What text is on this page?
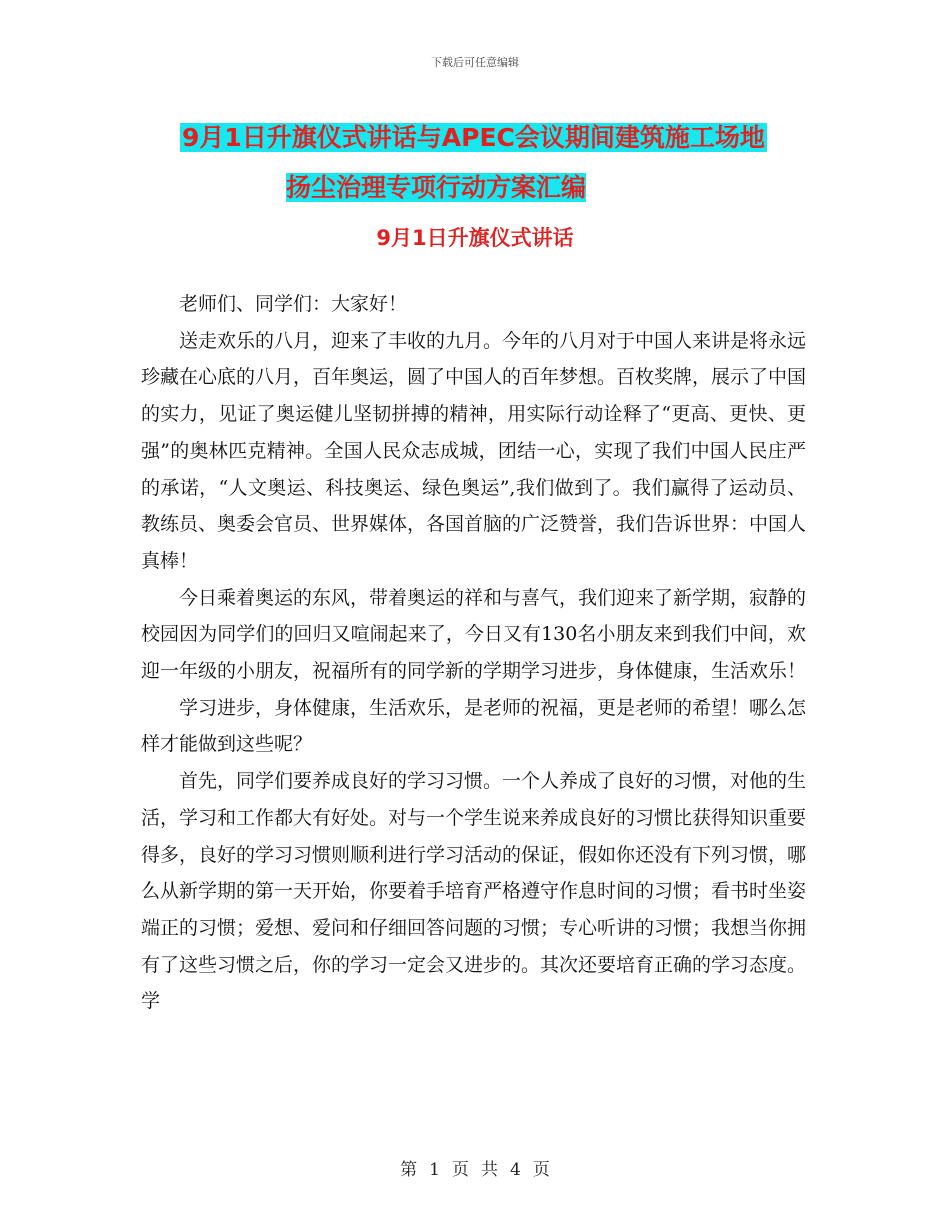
下载后可任意编辑
9月1日升旗仪式讲话与APEC会议期间建筑施工场地
扬尘治理专项行动方案汇编
9月1日升旗仪式讲话

老师们、同学们：大家好！

送走欢乐的八月，迎来了丰收的九月。今年的八月对于中国人来讲是将永远珍藏在心底的八月，百年奥运，圆了中国人的百年梦想。百枚奖牌，展示了中国的实力，见证了奥运健儿坚韧拼搏的精神，用实际行动诠释了“更高、更快、更强”的奥林匹克精神。全国人民众志成城，团结一心，实现了我们中国人民庄严的承诺，“人文奥运、科技奥运、绿色奥运”,我们做到了。我们赢得了运动员、教练员、奥委会官员、世界媒体，各国首脑的广泛赞誉，我们告诉世界：中国人真棒！

今日乘着奥运的东风，带着奥运的祥和与喜气，我们迎来了新学期，寂静的校园因为同学们的回归又喧闹起来了，今日又有130名小朋友来到我们中间，欢迎一年级的小朋友，祝福所有的同学新的学期学习进步，身体健康，生活欢乐！

学习进步，身体健康，生活欢乐，是老师的祝福，更是老师的希望！哪么怎样才能做到这些呢？

首先，同学们要养成良好的学习习惯。一个人养成了良好的习惯，对他的生活，学习和工作都大有好处。对与一个学生说来养成良好的习惯比获得知识重要得多，良好的学习习惯则顺利进行学习活动的保证，假如你还没有下列习惯，哪么从新学期的第一天开始，你要着手培育严格遵守作息时间的习惯；看书时坐姿端正的习惯；爱想、爱问和仔细回答问题的习惯；专心听讲的习惯；我想当你拥有了这些习惯之后，你的学习一定会又进步的。其次还要培育正确的学习态度。学

第 1 页 共 4 页
